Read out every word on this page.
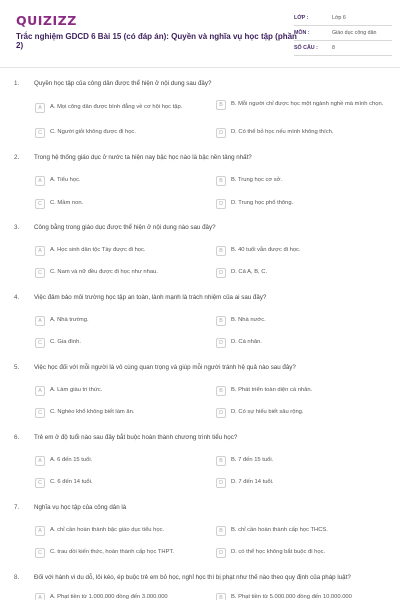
QUIZIZZ
Trắc nghiệm GDCD 6 Bài 15 (có đáp án): Quyền và nghĩa vụ học tập (phần 2)
LỚP :	Lớp 6
MÔN :	Giáo dục công dân
SỐ CÂU :	8
1.	Quyền học tập của công dân được thể hiện ở nội dung sau đây?
A	A. Mọi công dân được bình đẳng về cơ hội học tập.	B	B. Mỗi người chỉ được học một ngành nghề mà mình chọn.
C	C. Người giỏi không được đi học.	D	D. Có thể bỏ học nếu mình không thích.
2.	Trong hệ thống giáo dục ở nước ta hiện nay bậc học nào là bậc nền tảng nhất?
A	A. Tiểu học.	B	B. Trung học cơ sở.
C	C. Mầm non.	D	D. Trung học phổ thông.
3.	Công bằng trong giáo dục được thể hiện ở nội dung nào sau đây?
A	A. Học sinh dân tộc Tày được đi học.	B	B. 40 tuổi vẫn được đi học.
C	C. Nam và nữ đều được đi học như nhau.	D	D. Cả A, B, C.
4.	Việc đảm bảo môi trường học tập an toàn, lành mạnh là trách nhiệm của ai sau đây?
A	A. Nhà trường.	B	B. Nhà nước.
C	C. Gia đình.	D	D. Cá nhân.
5.	Việc học đối với mỗi người là vô cùng quan trọng và giúp mỗi người tránh hệ quả nào sau đây?
A	A. Làm giàu tri thức.	B	B. Phát triển toàn diện cá nhân.
C	C. Nghèo khổ không biết làm ăn.	D	D. Có sự hiểu biết sâu rộng.
6.	Trẻ em ở độ tuổi nào sau đây bắt buộc hoàn thành chương trình tiểu học?
A	A. 6 đến 15 tuổi.	B	B. 7 đến 15 tuổi.
C	C. 6 đến 14 tuổi.	D	D. 7 đến 14 tuổi.
7.	Nghĩa vụ học tập của công dân là
A	A. chỉ cần hoàn thành bậc giáo dục tiểu học.	B	B. chỉ cần hoàn thành cấp học THCS.
C	C. trau dồi kiến thức, hoàn thành cấp học THPT.	D	D. có thể học không bắt buộc đi học.
8.	Đối với hành vi du dỗ, lôi kéo, ép buộc trẻ em bỏ học, nghỉ học thì bị phạt như thế nào theo quy định của pháp luật?
A	A. Phạt tiền từ 1.000.000 đồng đến 3.000.000	B	B. Phạt tiền từ 5.000.000 đồng đến 10.000.000
